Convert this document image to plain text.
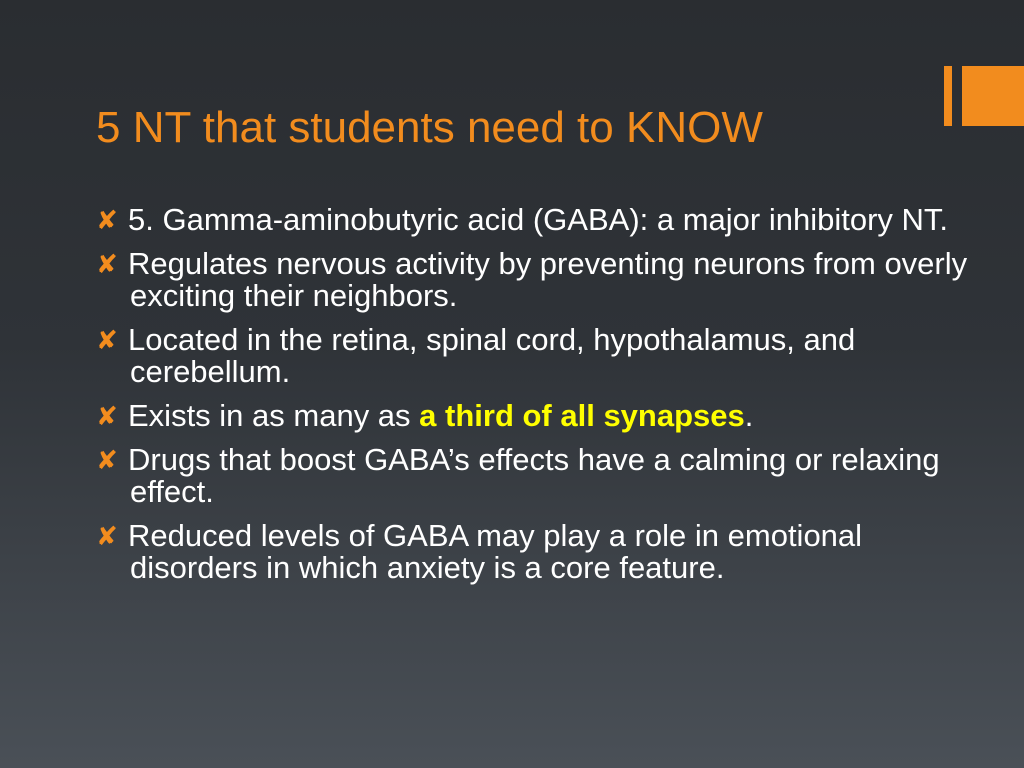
5 NT that students need to KNOW
✘ 5. Gamma-aminobutyric acid (GABA): a major inhibitory NT.
✘ Regulates nervous activity by preventing neurons from overly exciting their neighbors.
✘ Located in the retina, spinal cord, hypothalamus, and cerebellum.
✘ Exists in as many as a third of all synapses.
✘ Drugs that boost GABA’s effects have a calming or relaxing effect.
✘ Reduced levels of GABA may play a role in emotional disorders in which anxiety is a core feature.
